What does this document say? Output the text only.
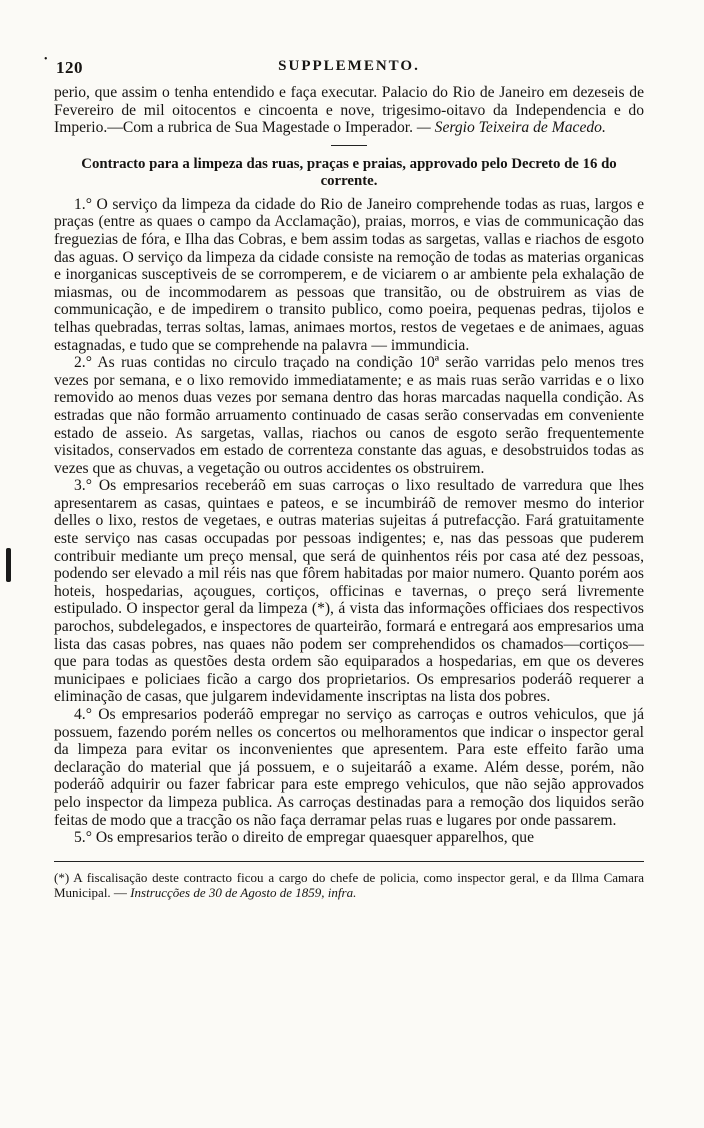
• 120	SUPPLEMENTO.

perio, que assim o tenha entendido e faça executar. Palacio do Rio de Janeiro em dezeseis de Fevereiro de mil oitocentos e cincoenta e nove, trigesimo-oitavo da Independencia e do Imperio.—Com a rubrica de Sua Magestade o Imperador. — Sergio Teixeira de Macedo.

Contracto para a limpeza das ruas, praças e praias, approvado pelo Decreto de 16 do corrente.

1.° O serviço da limpeza da cidade do Rio de Janeiro comprehende todas as ruas, largos e praças (entre as quaes o campo da Acclamação), praias, morros, e vias de communicação das freguezias de fóra, e Ilha das Cobras, e bem assim todas as sargetas, vallas e riachos de esgoto das aguas. O serviço da limpeza da cidade consiste na remoção de todas as materias organicas e inorganicas susceptiveis de se corromperem, e de viciarem o ar ambiente pela exhalação de miasmas, ou de incommodarem as pessoas que transitão, ou de obstruirem as vias de communicação, e de impedirem o transito publico, como poeira, pequenas pedras, tijolos e telhas quebradas, terras soltas, lamas, animaes mortos, restos de vegetaes e de animaes, aguas estagnadas, e tudo que se comprehende na palavra — immundicia.

2.° As ruas contidas no circulo traçado na condição 10ª serão varridas pelo menos tres vezes por semana, e o lixo removido immediatamente; e as mais ruas serão varridas e o lixo removido ao menos duas vezes por semana dentro das horas marcadas naquella condição. As estradas que não formão arruamento continuado de casas serão conservadas em conveniente estado de asseio. As sargetas, vallas, riachos ou canos de esgoto serão frequentemente visitados, conservados em estado de correnteza constante das aguas, e desobstruidos todas as vezes que as chuvas, a vegetação ou outros accidentes os obstruirem.

3.° Os empresarios receberáõ em suas carroças o lixo resultado de varredura que lhes apresentarem as casas, quintaes e pateos, e se incumbiráõ de remover mesmo do interior delles o lixo, restos de vegetaes, e outras materias sujeitas á putrefacção. Fará gratuitamente este serviço nas casas occupadas por pessoas indigentes; e, nas das pessoas que puderem contribuir mediante um preço mensal, que será de quinhentos réis por casa até dez pessoas, podendo ser elevado a mil réis nas que fôrem habitadas por maior numero. Quanto porém aos hoteis, hospedarias, açougues, cortiços, officinas e tavernas, o preço será livremente estipulado. O inspector geral da limpeza (*), á vista das informações officiaes dos respectivos parochos, subdelegados, e inspectores de quarteirão, formará e entregará aos empresarios uma lista das casas pobres, nas quaes não podem ser comprehendidos os chamados—cortiços— que para todas as questões desta ordem são equiparados a hospedarias, em que os deveres municipaes e policiaes ficão a cargo dos proprietarios. Os empresarios poderáõ requerer a eliminação de casas, que julgarem indevidamente inscriptas na lista dos pobres.

4.° Os empresarios poderáõ empregar no serviço as carroças e outros vehiculos, que já possuem, fazendo porém nelles os concertos ou melhoramentos que indicar o inspector geral da limpeza para evitar os inconvenientes que apresentem. Para este effeito farão uma declaração do material que já possuem, e o sujeitaráõ a exame. Além desse, porém, não poderáõ adquirir ou fazer fabricar para este emprego vehiculos, que não sejão approvados pelo inspector da limpeza publica. As carroças destinadas para a remoção dos liquidos serão feitas de modo que a tracção os não faça derramar pelas ruas e lugares por onde passarem.

5.° Os empresarios terão o direito de empregar quaesquer apparelhos, que

(*) A fiscalisação deste contracto ficou a cargo do chefe de policia, como inspector geral, e da Illma Camara Municipal. — Instrucções de 30 de Agosto de 1859, infra.
